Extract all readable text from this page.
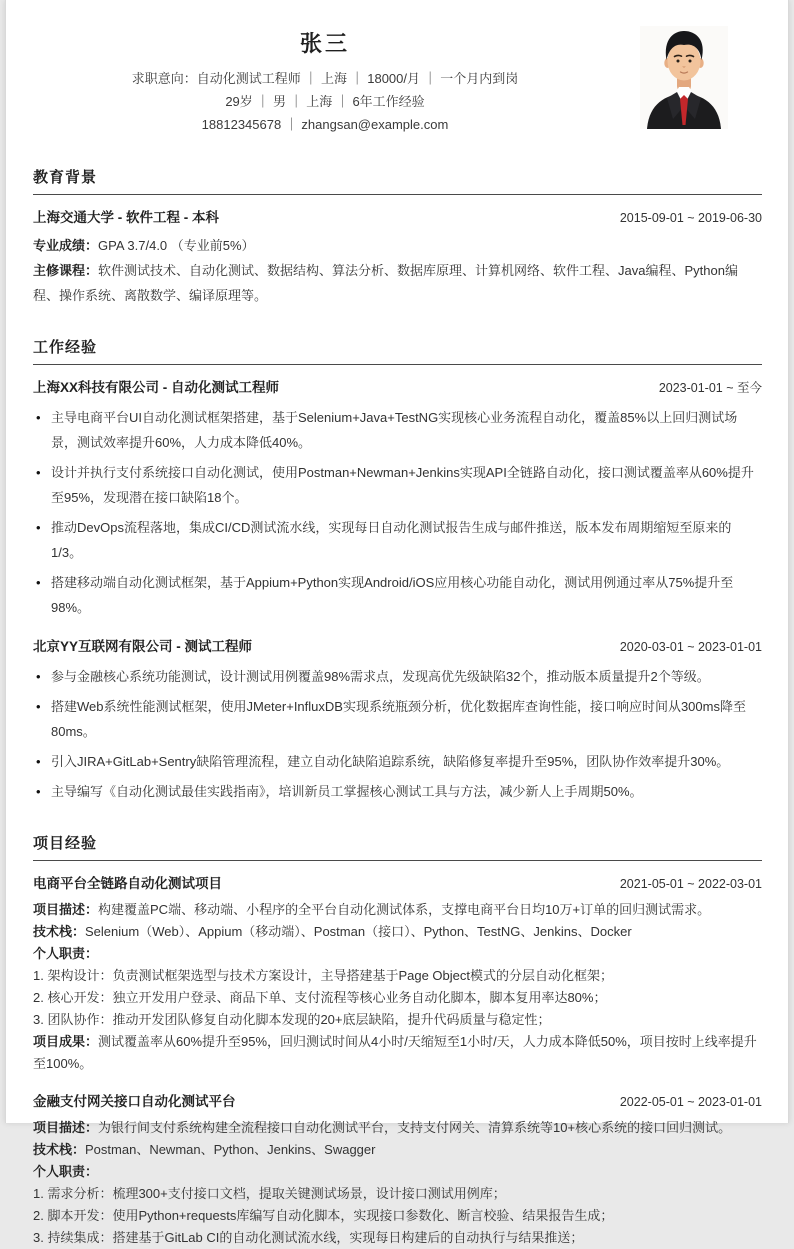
张三
求职意向：自动化测试工程师 ｜ 上海 ｜ 18000/月 ｜ 一个月内到岗
29岁 ｜ 男 ｜ 上海 ｜ 6年工作经验
18812345678 ｜ zhangsan@example.com
教育背景
上海交通大学 - 软件工程 - 本科	2015-09-01 ~ 2019-06-30
专业成绩：GPA 3.7/4.0 （专业前5%）
主修课程：软件测试技术、自动化测试、数据结构、算法分析、数据库原理、计算机网络、软件工程、Java编程、Python编程、操作系统、离散数学、编译原理等。
工作经验
上海XX科技有限公司 - 自动化测试工程师	2023-01-01 ~ 至今
• 主导电商平台UI自动化测试框架搭建，基于Selenium+Java+TestNG实现核心业务流程自动化，覆盖85%以上回归测试场景，测试效率提升60%，人力成本降低40%。
• 设计并执行支付系统接口自动化测试，使用Postman+Newman+Jenkins实现API全链路自动化，接口测试覆盖率从60%提升至95%，发现潜在接口缺陷18个。
• 推动DevOps流程落地，集成CI/CD测试流水线，实现每日自动化测试报告生成与邮件推送，版本发布周期缩短至原来的1/3。
• 搭建移动端自动化测试框架，基于Appium+Python实现Android/iOS应用核心功能自动化，测试用例通过率从75%提升至98%。
北京YY互联网有限公司 - 测试工程师	2020-03-01 ~ 2023-01-01
• 参与金融核心系统功能测试，设计测试用例覆盖98%需求点，发现高优先级缺陷32个，推动版本质量提升2个等级。
• 搭建Web系统性能测试框架，使用JMeter+InfluxDB实现系统瓶颈分析，优化数据库查询性能，接口响应时间从300ms降至80ms。
• 引入JIRA+GitLab+Sentry缺陷管理流程，建立自动化缺陷追踪系统，缺陷修复率提升至95%，团队协作效率提升30%。
• 主导编写《自动化测试最佳实践指南》，培训新员工掌握核心测试工具与方法，减少新人上手周期50%。
项目经验
电商平台全链路自动化测试项目	2021-05-01 ~ 2022-03-01
项目描述：构建覆盖PC端、移动端、小程序的全平台自动化测试体系，支撑电商平台日均10万+订单的回归测试需求。
技术栈：Selenium（Web）、Appium（移动端）、Postman（接口）、Python、TestNG、Jenkins、Docker
个人职责：
1. 架构设计：负责测试框架选型与技术方案设计，主导搭建基于Page Object模式的分层自动化框架；
2. 核心开发：独立开发用户登录、商品下单、支付流程等核心业务自动化脚本，脚本复用率达80%；
3. 团队协作：推动开发团队修复自动化脚本发现的20+底层缺陷，提升代码质量与稳定性；
项目成果：测试覆盖率从60%提升至95%，回归测试时间从4小时/天缩短至1小时/天，人力成本降低50%，项目按时上线率提升至100%。
金融支付网关接口自动化测试平台	2022-05-01 ~ 2023-01-01
项目描述：为银行间支付系统构建全流程接口自动化测试平台，支持支付网关、清算系统等10+核心系统的接口回归测试。
技术栈：Postman、Newman、Python、Jenkins、Swagger
个人职责：
1. 需求分析：梳理300+支付接口文档，提取关键测试场景，设计接口测试用例库；
2. 脚本开发：使用Python+requests库编写自动化脚本，实现接口参数化、断言校验、结果报告生成；
3. 持续集成：搭建基于GitLab CI的自动化测试流水线，实现每日构建后的自动执行与结果推送；
